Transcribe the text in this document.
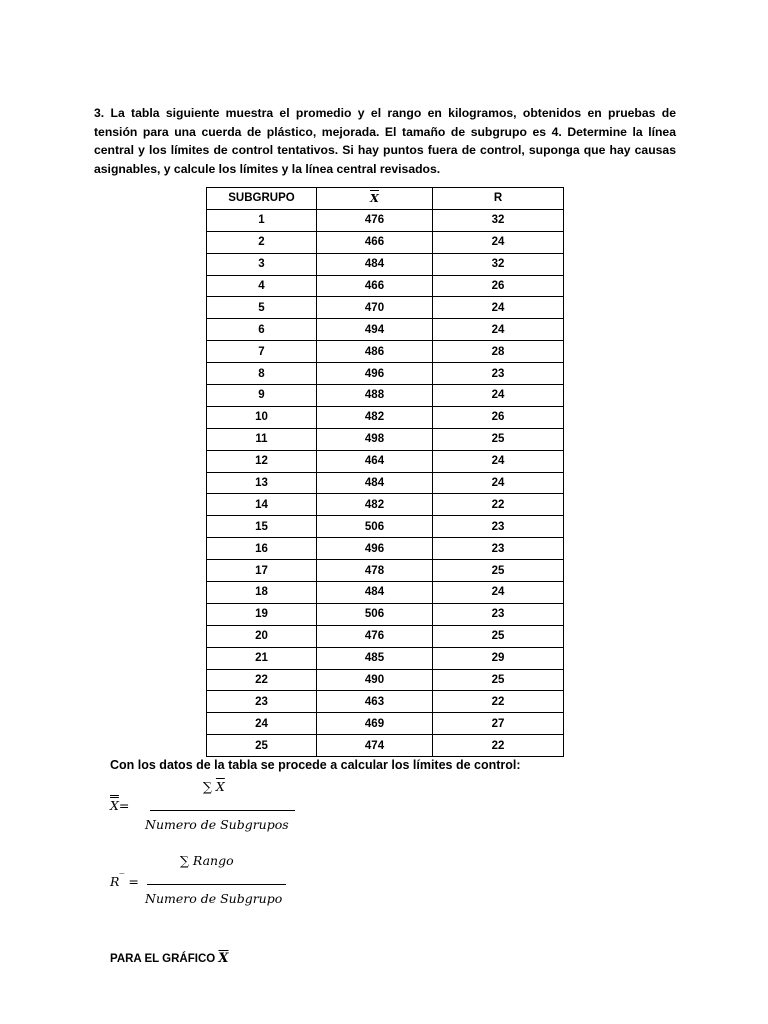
3. La tabla siguiente muestra el promedio y el rango en kilogramos, obtenidos en pruebas de tensión para una cuerda de plástico, mejorada. El tamaño de subgrupo es 4. Determine la línea central y los límites de control tentativos. Si hay puntos fuera de control, suponga que hay causas asignables, y calcule los límites y la línea central revisados.
SUBGRUPO	$\overline{X}$	R
1	476	32
2	466	24
3	484	32
4	466	26
5	470	24
6	494	24
7	486	28
8	496	23
9	488	24
10	482	26
11	498	25
12	464	24
13	484	24
14	482	22
15	506	23
16	496	23
17	478	25
18	484	24
19	506	23
20	476	25
21	485	29
22	490	25
23	463	22
24	469	27
25	474	22
Con los datos de la tabla se procede a calcular los límites de control:
∑ $\overline{X}$
X=
Numero de Subgrupos
∑ Rango
R‾ =
Numero de Subgrupo
PARA EL GRÁFICO $\overline{X}$
